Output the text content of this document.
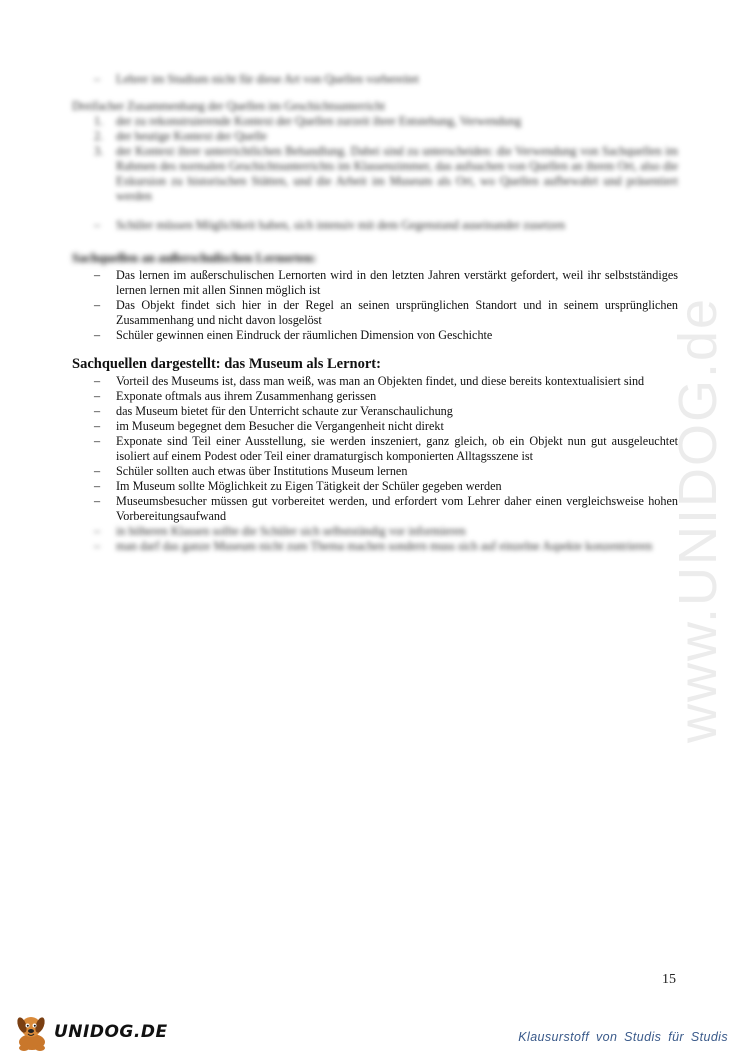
www.UNIDOG.de
– Lehrer im Studium nicht für diese Art von Quellen vorbereitet

Dreifacher Zusammenhang der Quellen im Geschichtsunterricht

1. der zu rekonstruierende Kontext der Quellen zurzeit ihrer Entstehung, Verwendung
2. der heutige Kontext der Quelle
3. der Kontext ihrer unterrichtlichen Behandlung. Dabei sind zu unterscheiden: die Verwendung von Sachquellen im Rahmen des normalen Geschichtsunterrichts im Klassenzimmer, das aufsuchen von Quellen an ihrem Ort, also die Exkursion zu historischen Stätten, und die Arbeit im Museum als Ort, wo Quellen aufbewahrt und präsentiert werden
– Schüler müssen Möglichkeit haben, sich intensiv mit dem Gegenstand auseinander zusetzen

Sachquellen an außerschulischen Lernorten:

– Das lernen im außerschulischen Lernorten wird in den letzten Jahren verstärkt gefordert, weil ihr selbstständiges lernen lernen mit allen Sinnen möglich ist
– Das Objekt findet sich hier in der Regel an seinen ursprünglichen Standort und in seinem ursprünglichen Zusammenhang und nicht davon losgelöst
– Schüler gewinnen einen Eindruck der räumlichen Dimension von Geschichte

Sachquellen dargestellt: das Museum als Lernort:

– Vorteil des Museums ist, dass man weiß, was man an Objekten findet, und diese bereits kontextualisiert sind
– Exponate oftmals aus ihrem Zusammenhang gerissen
– das Museum bietet für den Unterricht schaute zur Veranschaulichung
– im Museum begegnet dem Besucher die Vergangenheit nicht direkt
– Exponate sind Teil einer Ausstellung, sie werden inszeniert, ganz gleich, ob ein Objekt nun gut ausgeleuchtet isoliert auf einem Podest oder Teil einer dramaturgisch komponierten Alltagsszene ist
– Schüler sollten auch etwas über Institutions Museum lernen
– Im Museum sollte Möglichkeit zu Eigen Tätigkeit der Schüler gegeben werden
– Museumsbesucher müssen gut vorbereitet werden, und erfordert vom Lehrer daher einen vergleichsweise hohen Vorbereitungsaufwand
– in höheren Klassen sollte die Schüler sich selbstständig vor informieren
– man darf das ganze Museum nicht zum Thema machen sondern muss sich auf einzelne Aspekte konzentrieren
15
UNIDOG.DE	Klausurstoff von Studis für Studis
